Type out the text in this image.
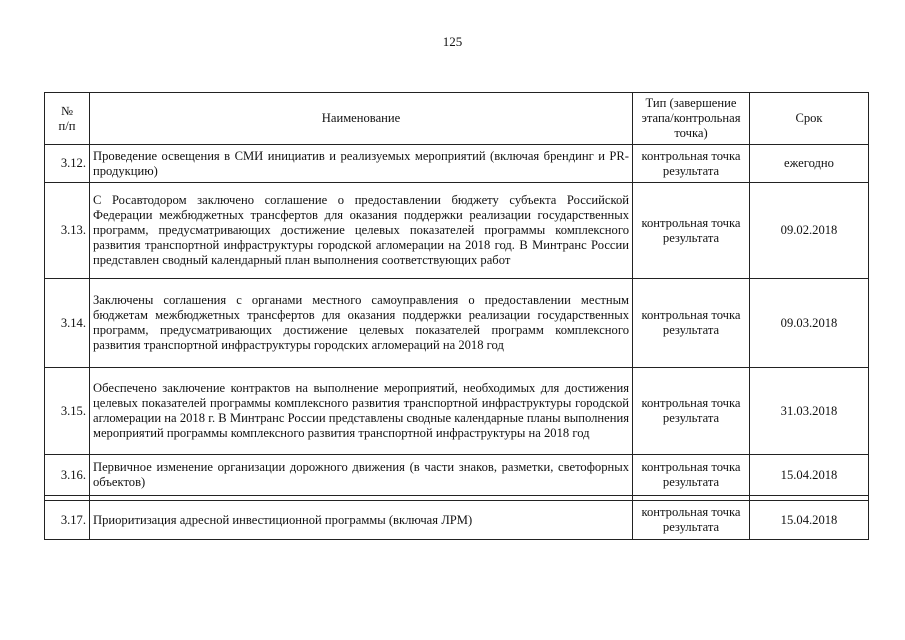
125
№
п/п	Наименование	Тип (завершение этапа/контрольная точка)	Срок
3.12.	Проведение освещения в СМИ инициатив и реализуемых мероприятий (включая брендинг и PR-продукцию)	контрольная точка результата	ежегодно
3.13.	С Росавтодором заключено соглашение о предоставлении бюджету субъекта Российской Федерации межбюджетных трансфертов для оказания поддержки реализации государственных программ, предусматривающих достижение целевых показателей программы комплексного развития транспортной инфраструктуры городской агломерации на 2018 год. В Минтранс России представлен сводный календарный план выполнения соответствующих работ	контрольная точка результата	09.02.2018
3.14.	Заключены соглашения с органами местного самоуправления о предоставлении местным бюджетам межбюджетных трансфертов для оказания поддержки реализации государственных программ, предусматривающих достижение целевых показателей программ комплексного развития транспортной инфраструктуры городских агломераций на 2018 год	контрольная точка результата	09.03.2018
3.15.	Обеспечено заключение контрактов на выполнение мероприятий, необходимых для достижения целевых показателей программы комплексного развития транспортной инфраструктуры городской агломерации на 2018 г. В Минтранс России представлены сводные календарные планы выполнения мероприятий программы комплексного развития транспортной инфраструктуры на 2018 год	контрольная точка результата	31.03.2018
3.16.	Первичное изменение организации дорожного движения (в части знаков, разметки, светофорных объектов)	контрольная точка результата	15.04.2018

3.17.	Приоритизация адресной инвестиционной программы (включая ЛРМ)	контрольная точка результата	15.04.2018
